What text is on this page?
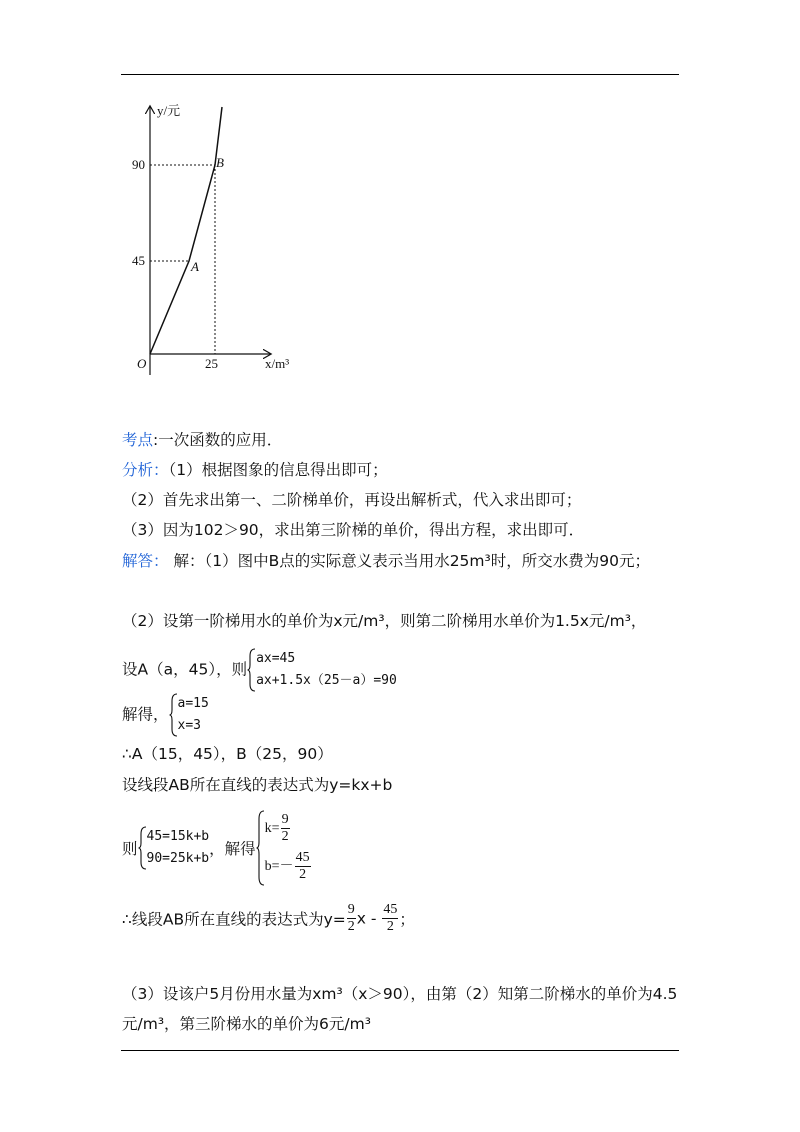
y/元
90
45
B
A
O	25	x/m³
考点:一次函数的应用．
分析：（1）根据图象的信息得出即可；
（2）首先求出第一、二阶梯单价，再设出解析式，代入求出即可；
（3）因为102＞90，求出第三阶梯的单价，得出方程，求出即可．
解答： 解：（1）图中B点的实际意义表示当用水25m³时，所交水费为90元；
（2）设第一阶梯用水的单价为x元/m³，则第二阶梯用水单价为1.5x元/m³，
设A（a，45），则
ax=45
ax+1.5x（25－a）=90
解得，
a=15
x=3
∴A（15，45），B（25，90）
设线段AB所在直线的表达式为y=kx+b
则
45=15k+b
90=25k+b
，解得
$k= \frac{9}{2}$
$b=- \frac{45}{2}$
∴线段AB所在直线的表达式为$y= \frac{9}{2}$ x - $\frac{45}{2}$ ；
（3）设该户5月份用水量为xm³（x＞90），由第（2）知第二阶梯水的单价为4.5
元/m³，第三阶梯水的单价为6元/m³
